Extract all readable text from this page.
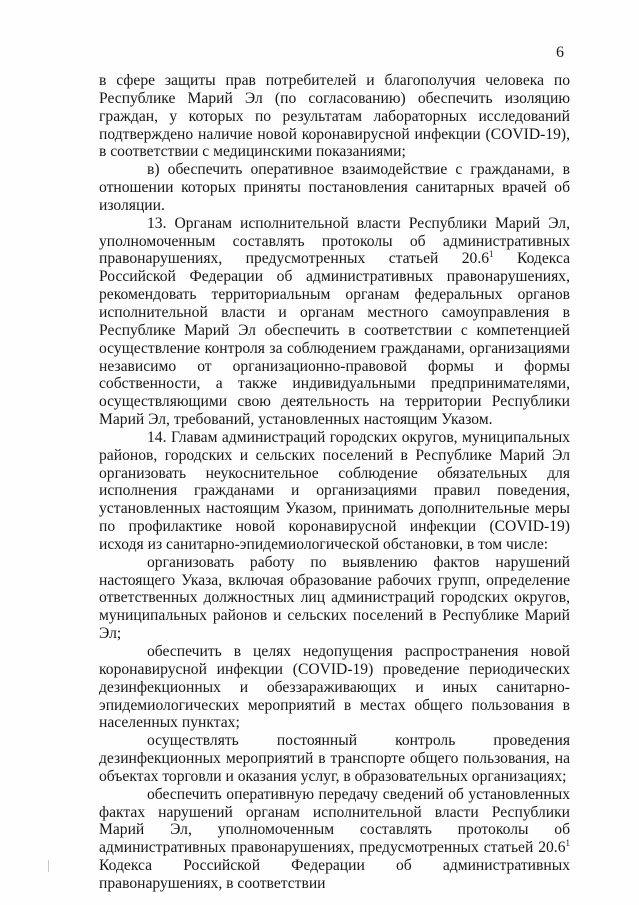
6

в сфере защиты прав потребителей и благополучия человека по Республике Марий Эл (по согласованию) обеспечить изоляцию граждан, у которых по результатам лабораторных исследований подтверждено наличие новой коронавирусной инфекции (COVID-19), в соответствии с медицинскими показаниями;

в) обеспечить оперативное взаимодействие с гражданами, в отношении которых приняты постановления санитарных врачей об изоляции.

13. Органам исполнительной власти Республики Марий Эл, уполномоченным составлять протоколы об административных правонарушениях, предусмотренных статьей 20.6$^1$ Кодекса Российской Федерации об административных правонарушениях, рекомендовать территориальным органам федеральных органов исполнительной власти и органам местного самоуправления в Республике Марий Эл обеспечить в соответствии с компетенцией осуществление контроля за соблюдением гражданами, организациями независимо от организационно-правовой формы и формы собственности, а также индивидуальными предпринимателями, осуществляющими свою деятельность на территории Республики Марий Эл, требований, установленных настоящим Указом.

14. Главам администраций городских округов, муниципальных районов, городских и сельских поселений в Республике Марий Эл организовать неукоснительное соблюдение обязательных для исполнения гражданами и организациями правил поведения, установленных настоящим Указом, принимать дополнительные меры по профилактике новой коронавирусной инфекции (COVID-19) исходя из санитарно-эпидемиологической обстановки, в том числе:

организовать работу по выявлению фактов нарушений настоящего Указа, включая образование рабочих групп, определение ответственных должностных лиц администраций городских округов, муниципальных районов и сельских поселений в Республике Марий Эл;

обеспечить в целях недопущения распространения новой коронавирусной инфекции (COVID-19) проведение периодических дезинфекционных и обеззараживающих и иных санитарно-эпидемиологических мероприятий в местах общего пользования в населенных пунктах;

осуществлять постоянный контроль проведения дезинфекционных мероприятий в транспорте общего пользования, на объектах торговли и оказания услуг, в образовательных организациях;

обеспечить оперативную передачу сведений об установленных фактах нарушений органам исполнительной власти Республики Марий Эл, уполномоченным составлять протоколы об административных правонарушениях, предусмотренных статьей 20.6$^1$ Кодекса Российской Федерации об административных правонарушениях, в соответствии
